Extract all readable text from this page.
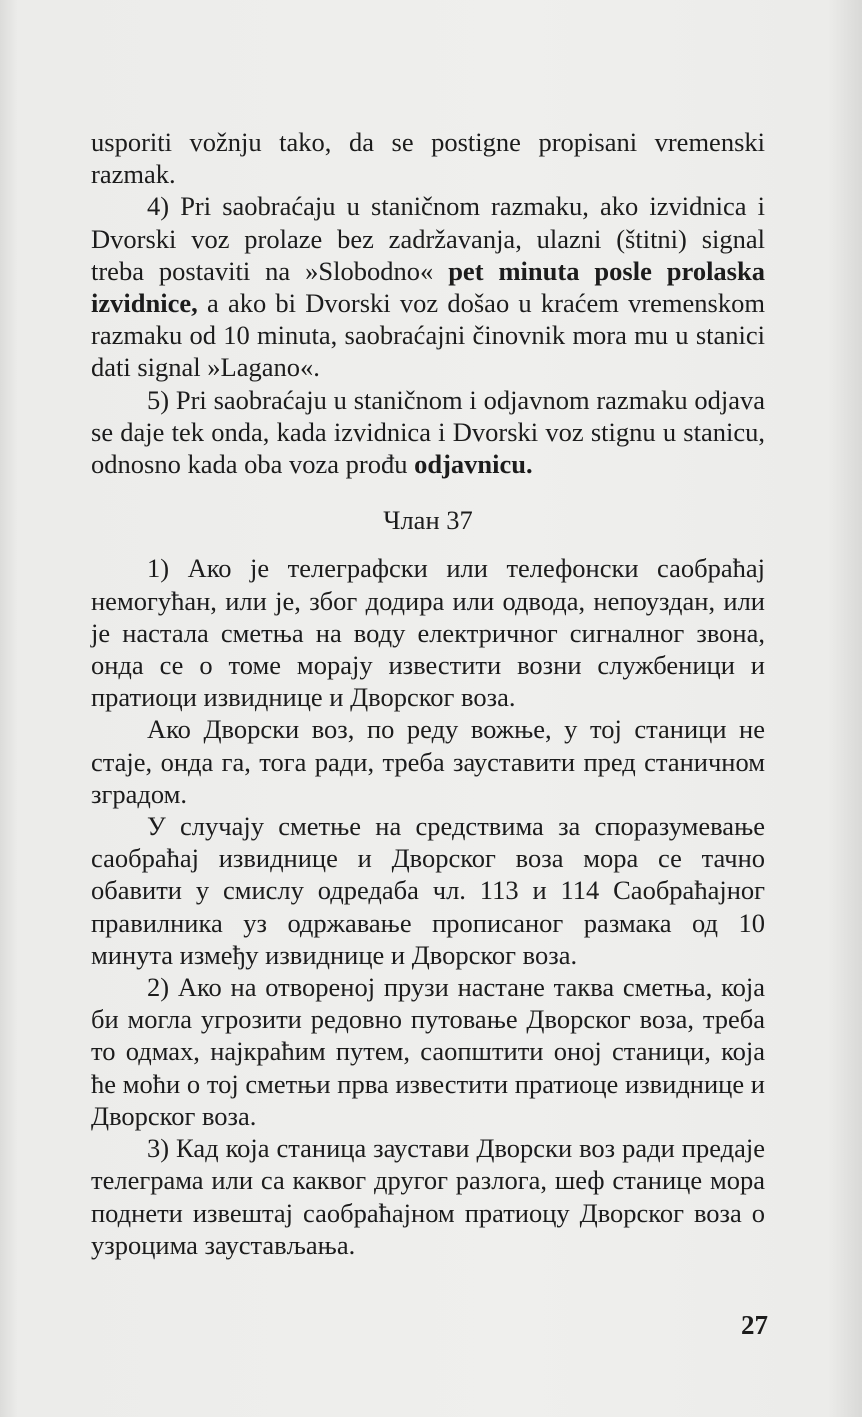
usporiti vožnju tako, da se postigne propisani vremenski razmak.

4) Pri saobraćaju u staničnom razmaku, ako izvidnica i Dvorski voz prolaze bez zadržavanja, ulazni (štitni) signal treba postaviti na »Slobodno« pet minuta posle prolaska izvidnice, a ako bi Dvorski voz došao u kraćem vremenskom razmaku od 10 minuta, saobraćajni činovnik mora mu u stanici dati signal »Lagano«.

5) Pri saobraćaju u staničnom i odjavnom razmaku odjava se daje tek onda, kada izvidnica i Dvorski voz stignu u stanicu, odnosno kada oba voza prođu odjavnicu.

Члан 37

1) Ако је телеграфски или телефонски саобраћај немогућан, или је, због додира или одвода, непоуздан, или је настала сметња на воду електричног сигналног звона, онда се о томе морају известити возни службеници и пратиоци извиднице и Дворског воза.

Ако Дворски воз, по реду вожње, у тој станици не стаје, онда га, тога ради, треба зауставити пред станичном зградом.

У случају сметње на средствима за споразумевање саобраћај извиднице и Дворског воза мора се тачно обавити у смислу одредаба чл. 113 и 114 Саобраћајног правилника уз одржавање прописаног размака од 10 минута између извиднице и Дворског воза.

2) Ако на отвореној прузи настане таква сметња, која би могла угрозити редовно путовање Дворског воза, треба то одмах, најкраћим путем, саопштити оној станици, која ће моћи о тој сметњи прва известити пратиоце извиднице и Дворског воза.

3) Кад која станица заустави Дворски воз ради предаје телеграма или са каквог другог разлога, шеф станице мора поднети извештај саобраћајном пратиоцу Дворског воза о узроцима заустављања.

27
